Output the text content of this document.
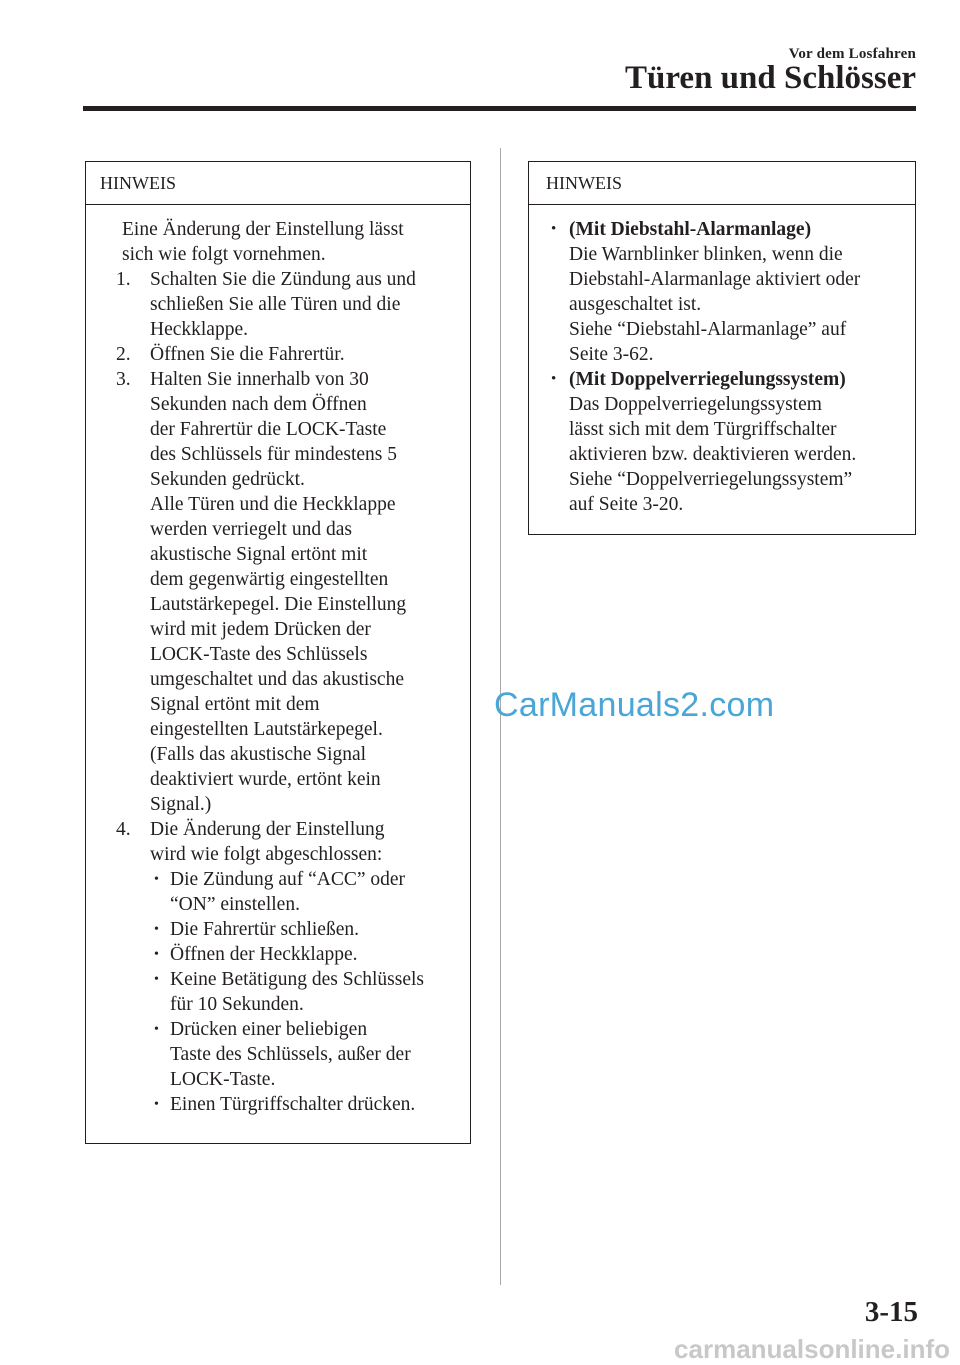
Vor dem Losfahren
Türen und Schlösser
HINWEIS
Eine Änderung der Einstellung lässt
sich wie folgt vornehmen.
1. Schalten Sie die Zündung aus und
schließen Sie alle Türen und die
Heckklappe.
2. Öffnen Sie die Fahrertür.
3. Halten Sie innerhalb von 30
Sekunden nach dem Öffnen
der Fahrertür die LOCK-Taste
des Schlüssels für mindestens 5
Sekunden gedrückt.
Alle Türen und die Heckklappe
werden verriegelt und das
akustische Signal ertönt mit
dem gegenwärtig eingestellten
Lautstärkepegel. Die Einstellung
wird mit jedem Drücken der
LOCK-Taste des Schlüssels
umgeschaltet und das akustische
Signal ertönt mit dem
eingestellten Lautstärkepegel.
(Falls das akustische Signal
deaktiviert wurde, ertönt kein
Signal.)
4. Die Änderung der Einstellung
wird wie folgt abgeschlossen:
• Die Zündung auf “ACC” oder
“ON” einstellen.
• Die Fahrertür schließen.
• Öffnen der Heckklappe.
• Keine Betätigung des Schlüssels
für 10 Sekunden.
• Drücken einer beliebigen
Taste des Schlüssels, außer der
LOCK-Taste.
• Einen Türgriffschalter drücken.
HINWEIS
• (Mit Diebstahl-Alarmanlage)
Die Warnblinker blinken, wenn die
Diebstahl-Alarmanlage aktiviert oder
ausgeschaltet ist.
Siehe “Diebstahl-Alarmanlage” auf
Seite 3-62.
• (Mit Doppelverriegelungssystem)
Das Doppelverriegelungssystem
lässt sich mit dem Türgriffschalter
aktivieren bzw. deaktivieren werden.
Siehe “Doppelverriegelungssystem”
auf Seite 3-20.
CarManuals2.com
3-15
carmanualsonline.info
